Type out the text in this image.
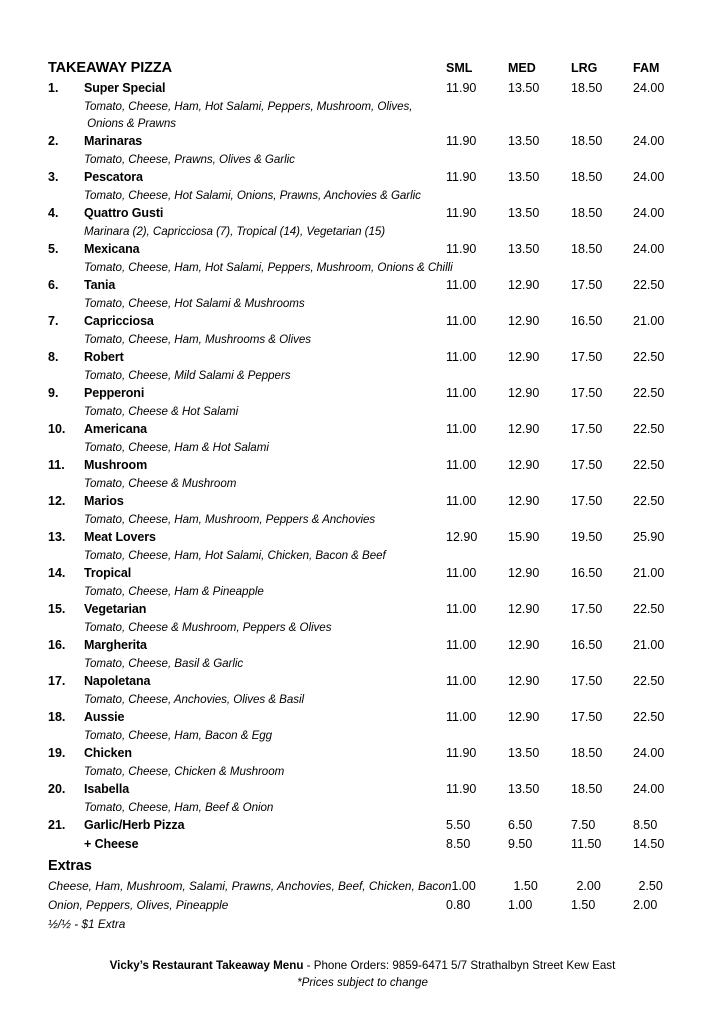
TAKEAWAY PIZZA	SML	MED	LRG	FAM
1.	Super Special	11.90	13.50	18.50	24.00
Tomato, Cheese, Ham, Hot Salami, Peppers, Mushroom, Olives,
Onions & Prawns
2.	Marinaras	11.90	13.50	18.50	24.00
Tomato, Cheese, Prawns, Olives & Garlic
3.	Pescatora	11.90	13.50	18.50	24.00
Tomato, Cheese, Hot Salami, Onions, Prawns, Anchovies & Garlic
4.	Quattro Gusti	11.90	13.50	18.50	24.00
Marinara (2), Capricciosa (7), Tropical (14), Vegetarian (15)
5.	Mexicana	11.90	13.50	18.50	24.00
Tomato, Cheese, Ham, Hot Salami, Peppers, Mushroom, Onions & Chilli
6.	Tania	11.00	12.90	17.50	22.50
Tomato, Cheese, Hot Salami & Mushrooms
7.	Capricciosa	11.00	12.90	16.50	21.00
Tomato, Cheese, Ham, Mushrooms & Olives
8.	Robert	11.00	12.90	17.50	22.50
Tomato, Cheese, Mild Salami & Peppers
9.	Pepperoni	11.00	12.90	17.50	22.50
Tomato, Cheese & Hot Salami
10.	Americana	11.00	12.90	17.50	22.50
Tomato, Cheese, Ham & Hot Salami
11.	Mushroom	11.00	12.90	17.50	22.50
Tomato, Cheese & Mushroom
12.	Marios	11.00	12.90	17.50	22.50
Tomato, Cheese, Ham, Mushroom, Peppers & Anchovies
13.	Meat Lovers	12.90	15.90	19.50	25.90
Tomato, Cheese, Ham, Hot Salami, Chicken, Bacon & Beef
14.	Tropical	11.00	12.90	16.50	21.00
Tomato, Cheese, Ham & Pineapple
15.	Vegetarian	11.00	12.90	17.50	22.50
Tomato, Cheese & Mushroom, Peppers & Olives
16.	Margherita	11.00	12.90	16.50	21.00
Tomato, Cheese, Basil & Garlic
17.	Napoletana	11.00	12.90	17.50	22.50
Tomato, Cheese, Anchovies, Olives & Basil
18.	Aussie	11.00	12.90	17.50	22.50
Tomato, Cheese, Ham, Bacon & Egg
19.	Chicken	11.90	13.50	18.50	24.00
Tomato, Cheese, Chicken & Mushroom
20.	Isabella	11.90	13.50	18.50	24.00
Tomato, Cheese, Ham, Beef & Onion
21.	Garlic/Herb Pizza	5.50	6.50	7.50	8.50
+ Cheese	8.50	9.50	11.50	14.50
Extras
Cheese, Ham, Mushroom, Salami, Prawns, Anchovies, Beef, Chicken, Bacon 1.00	1.50	2.00	2.50
Onion, Peppers, Olives, Pineapple	0.80	1.00	1.50	2.00
½/½ - $1 Extra
Vicky’s Restaurant Takeaway Menu - Phone Orders: 9859-6471 5/7 Strathalbyn Street Kew East
*Prices subject to change
